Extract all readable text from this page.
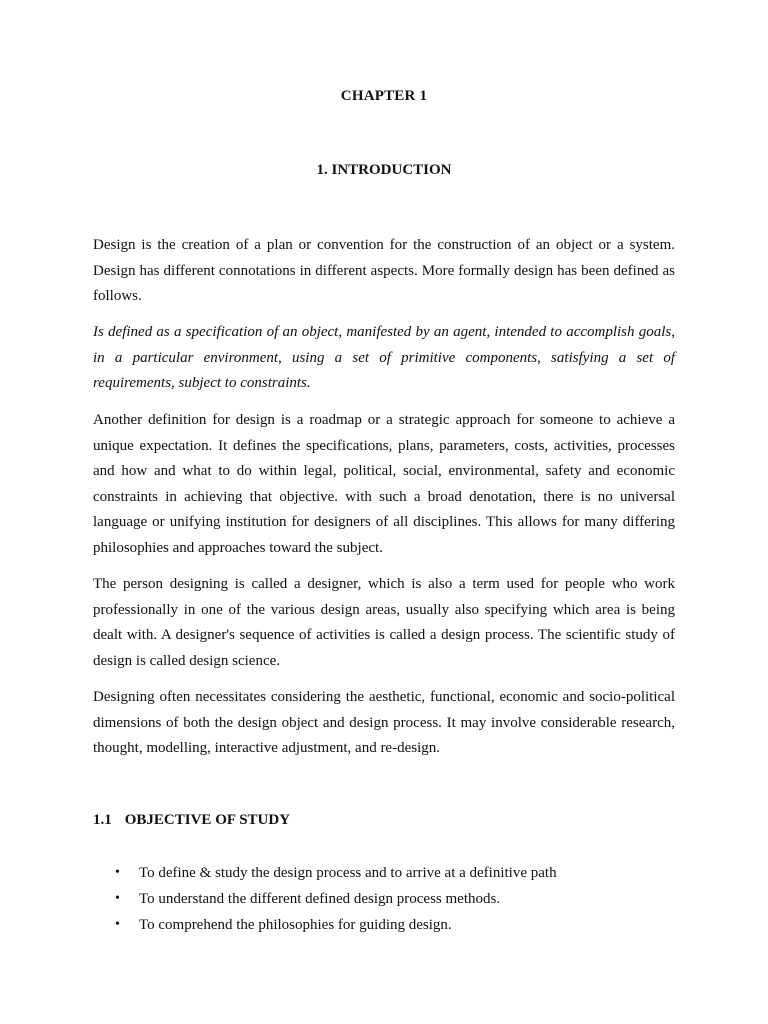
CHAPTER 1
1. INTRODUCTION

Design is the creation of a plan or convention for the construction of an object or a system. Design has different connotations in different aspects. More formally design has been defined as follows.

Is defined as a specification of an object, manifested by an agent, intended to accomplish goals, in a particular environment, using a set of primitive components, satisfying a set of requirements, subject to constraints.

Another definition for design is a roadmap or a strategic approach for someone to achieve a unique expectation. It defines the specifications, plans, parameters, costs, activities, processes and how and what to do within legal, political, social, environmental, safety and economic constraints in achieving that objective. with such a broad denotation, there is no universal language or unifying institution for designers of all disciplines. This allows for many differing philosophies and approaches toward the subject.

The person designing is called a designer, which is also a term used for people who work professionally in one of the various design areas, usually also specifying which area is being dealt with. A designer's sequence of activities is called a design process. The scientific study of design is called design science.

Designing often necessitates considering the aesthetic, functional, economic and socio-political dimensions of both the design object and design process. It may involve considerable research, thought, modelling, interactive adjustment, and re-design.

1.1 OBJECTIVE OF STUDY
• To define & study the design process and to arrive at a definitive path
• To understand the different defined design process methods.
• To comprehend the philosophies for guiding design.
